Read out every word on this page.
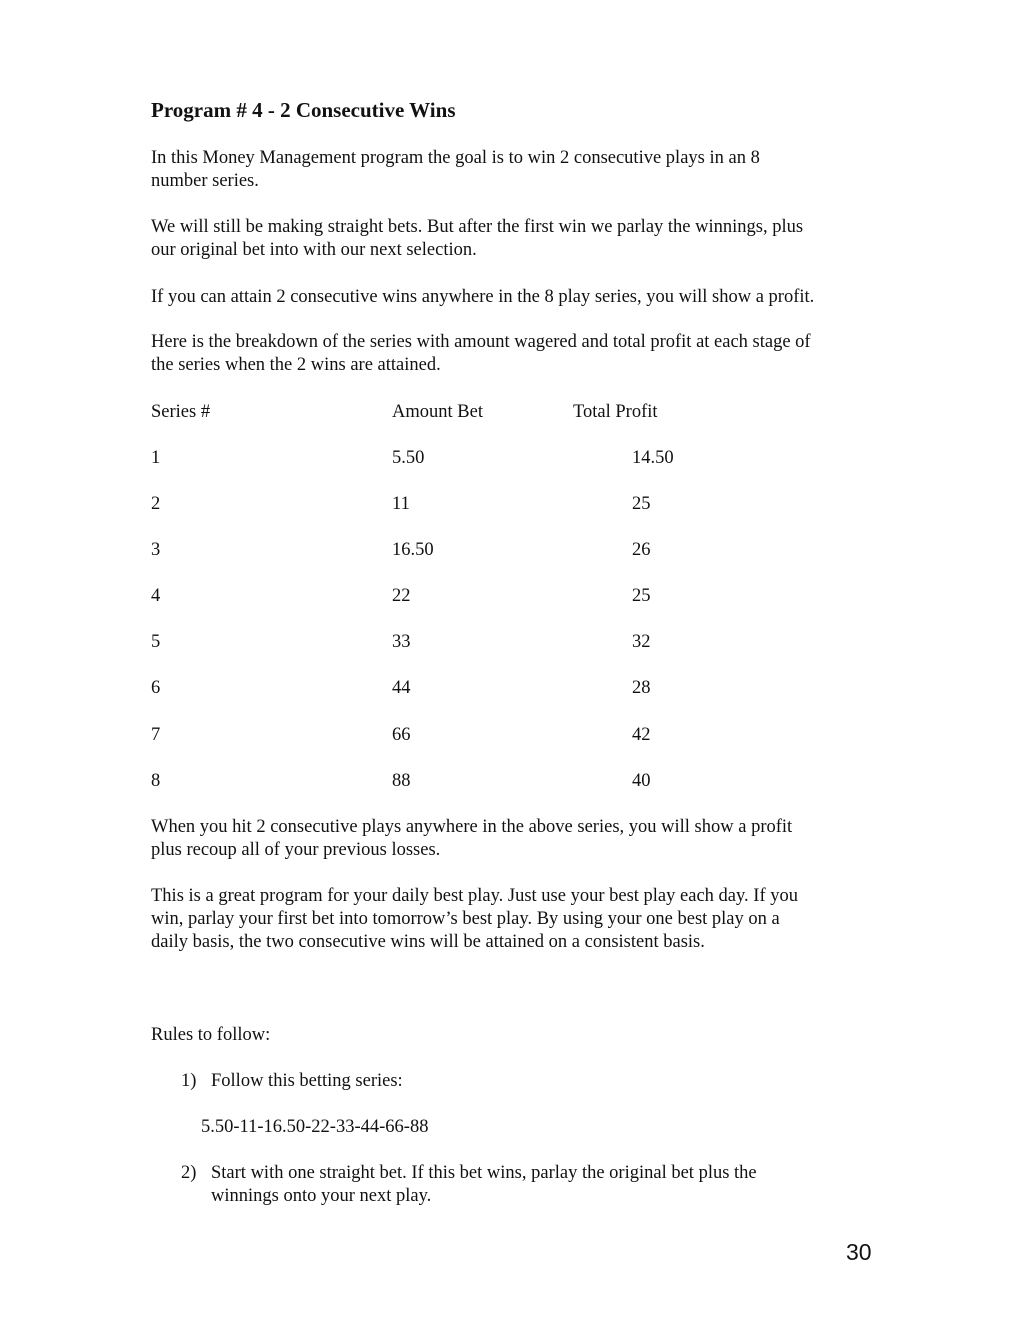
Program # 4 - 2 Consecutive Wins
In this Money Management program the goal is to win 2 consecutive plays in an 8
number series.
We will still be making straight bets. But after the first win we parlay the winnings, plus
our original bet into with our next selection.
If you can attain 2 consecutive wins anywhere in the 8 play series, you will show a profit.
Here is the breakdown of the series with amount wagered and total profit at each stage of
the series when the 2 wins are attained.
Series #	Amount Bet	Total Profit
1	5.50	14.50
2	11	25
3	16.50	26
4	22	25
5	33	32
6	44	28
7	66	42
8	88	40
When you hit 2 consecutive plays anywhere in the above series, you will show a profit
plus recoup all of your previous losses.
This is a great program for your daily best play. Just use your best play each day. If you
win, parlay your first bet into tomorrow’s best play. By using your one best play on a
daily basis, the two consecutive wins will be attained on a consistent basis.
Rules to follow:
1) Follow this betting series:
5.50-11-16.50-22-33-44-66-88
2) Start with one straight bet. If this bet wins, parlay the original bet plus the
winnings onto your next play.
30
